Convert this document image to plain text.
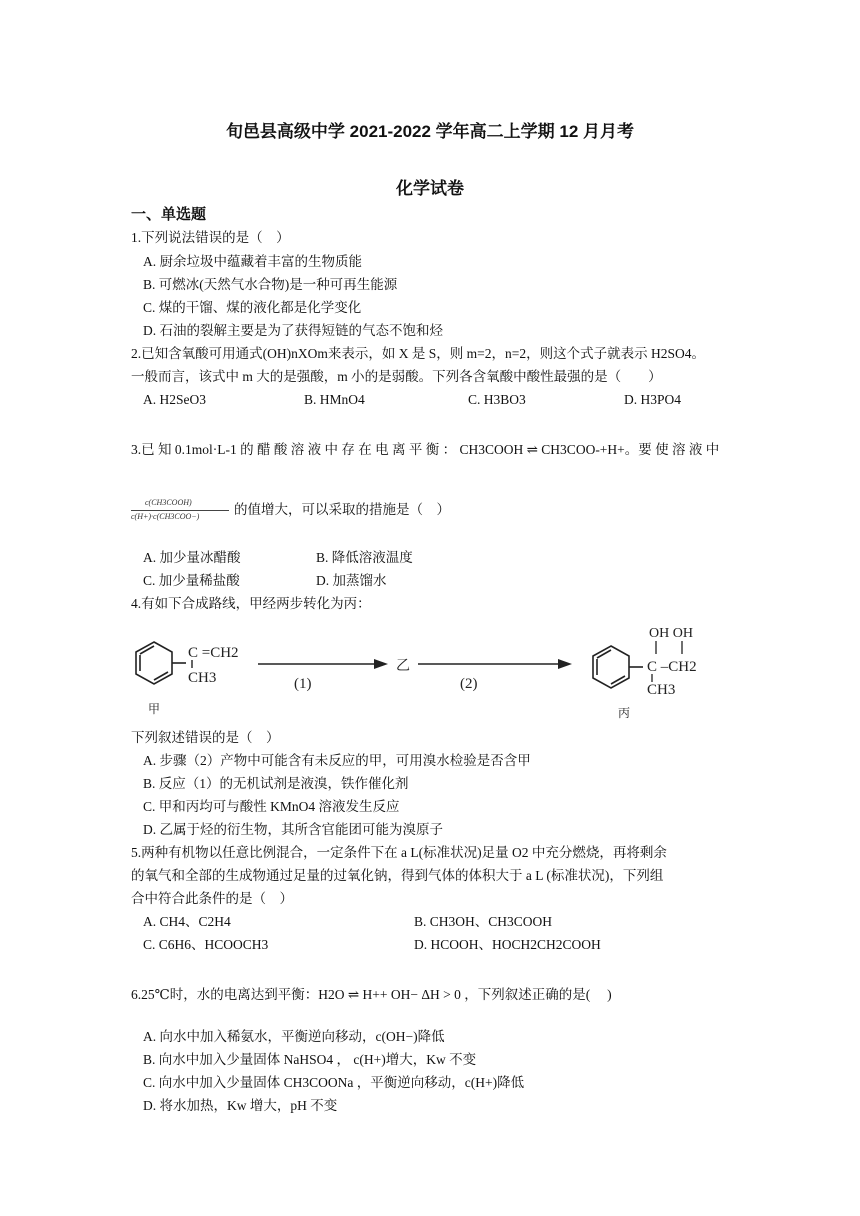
旬邑县高级中学 2021-2022 学年高二上学期 12 月月考
化学试卷
一、单选题
1.下列说法错误的是（　）
A. 厨余垃圾中蕴藏着丰富的生物质能
B. 可燃冰(天然气水合物)是一种可再生能源
C. 煤的干馏、煤的液化都是化学变化
D. 石油的裂解主要是为了获得短链的气态不饱和烃
2.已知含氧酸可用通式(OH)nXOm来表示，如 X 是 S，则 m=2，n=2，则这个式子就表示 H2SO4。
一般而言，该式中 m 大的是强酸，m 小的是弱酸。下列各含氧酸中酸性最强的是（　　）
A. H2SeO3	B. HMnO4	C. H3BO3	D. H3PO4
3.已 知 0.1mol·L-1 的 醋 酸 溶 液 中 存 在 电 离 平 衡 ： CH3COOH ⇌ CH3COO-+H+。要 使 溶 液 中
c(CH3COOH)
c(H+)·c(CH3COO−)	的值增大，可以采取的措施是（　）
A. 加少量冰醋酸	B. 降低溶液温度
C. 加少量稀盐酸	D. 加蒸馏水
4.有如下合成路线，甲经两步转化为丙：
C =CH2
CH3
甲
(1)
乙
(2)
OH OH
C –CH2
CH3
丙
下列叙述错误的是（　）
A. 步骤（2）产物中可能含有未反应的甲，可用溴水检验是否含甲
B. 反应（1）的无机试剂是液溴，铁作催化剂
C. 甲和丙均可与酸性 KMnO4 溶液发生反应
D. 乙属于烃的衍生物，其所含官能团可能为溴原子
5.两种有机物以任意比例混合，一定条件下在 a L(标准状况)足量 O2 中充分燃烧，再将剩余
的氧气和全部的生成物通过足量的过氧化钠，得到气体的体积大于 a L (标准状况)，下列组
合中符合此条件的是（　）
A. CH4、C2H4	B. CH3OH、CH3COOH
C. C6H6、HCOOCH3	D. HCOOH、HOCH2CH2COOH
6.25℃时，水的电离达到平衡：H2O ⇌ H++ OH− ΔH > 0 ，下列叙述正确的是(　 )
A. 向水中加入稀氨水，平衡逆向移动，c(OH−)降低
B. 向水中加入少量固体 NaHSO4 ， c(H+)增大，Kw 不变
C. 向水中加入少量固体 CH3COONa ，平衡逆向移动，c(H+)降低
D. 将水加热，Kw 增大，pH 不变
